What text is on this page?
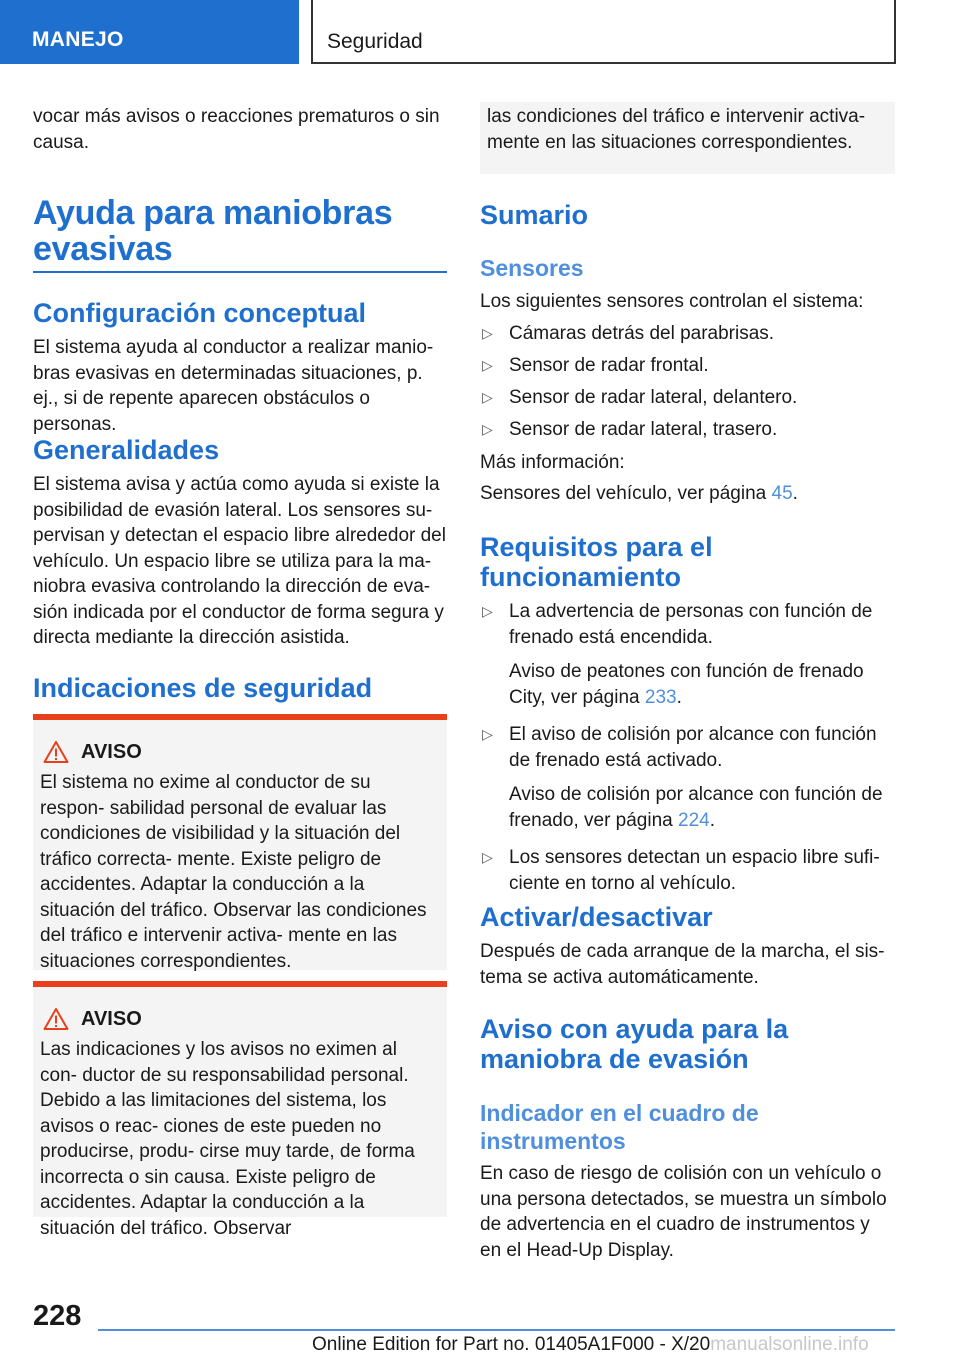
MANEJO	Seguridad

vocar más avisos o reacciones prematuros o sin causa.

Ayuda para maniobras evasivas
Configuración conceptual

El sistema ayuda al conductor a realizar manio- bras evasivas en determinadas situaciones, p. ej., si de repente aparecen obstáculos o personas.

Generalidades

El sistema avisa y actúa como ayuda si existe la posibilidad de evasión lateral. Los sensores su- pervisan y detectan el espacio libre alrededor del vehículo. Un espacio libre se utiliza para la ma- niobra evasiva controlando la dirección de eva- sión indicada por el conductor de forma segura y directa mediante la dirección asistida.

Indicaciones de seguridad
AVISO

El sistema no exime al conductor de su respon- sabilidad personal de evaluar las condiciones de visibilidad y la situación del tráfico correcta- mente. Existe peligro de accidentes. Adaptar la conducción a la situación del tráfico. Observar las condiciones del tráfico e intervenir activa- mente en las situaciones correspondientes.

AVISO

Las indicaciones y los avisos no eximen al con- ductor de su responsabilidad personal. Debido a las limitaciones del sistema, los avisos o reac- ciones de este pueden no producirse, produ- cirse muy tarde, de forma incorrecta o sin causa. Existe peligro de accidentes. Adaptar la conducción a la situación del tráfico. Observar

las condiciones del tráfico e intervenir activa- mente en las situaciones correspondientes.

Sumario
Sensores

Los siguientes sensores controlan el sistema:

▷ Cámaras detrás del parabrisas.
▷ Sensor de radar frontal.
▷ Sensor de radar lateral, delantero.
▷ Sensor de radar lateral, trasero.

Más información:

Sensores del vehículo, ver página 45.

Requisitos para el funcionamiento
▷ La advertencia de personas con función de frenado está encendida.
Aviso de peatones con función de frenado City, ver página 233.
▷ El aviso de colisión por alcance con función de frenado está activado.
Aviso de colisión por alcance con función de frenado, ver página 224.
▷ Los sensores detectan un espacio libre sufi- ciente en torno al vehículo.
Activar/desactivar

Después de cada arranque de la marcha, el sis- tema se activa automáticamente.

Aviso con ayuda para la maniobra de evasión
Indicador en el cuadro de instrumentos

En caso de riesgo de colisión con un vehículo o una persona detectados, se muestra un símbolo de advertencia en el cuadro de instrumentos y en el Head-Up Display.

228
Online Edition for Part no. 01405A1F000 - X/20manualsonline.info
